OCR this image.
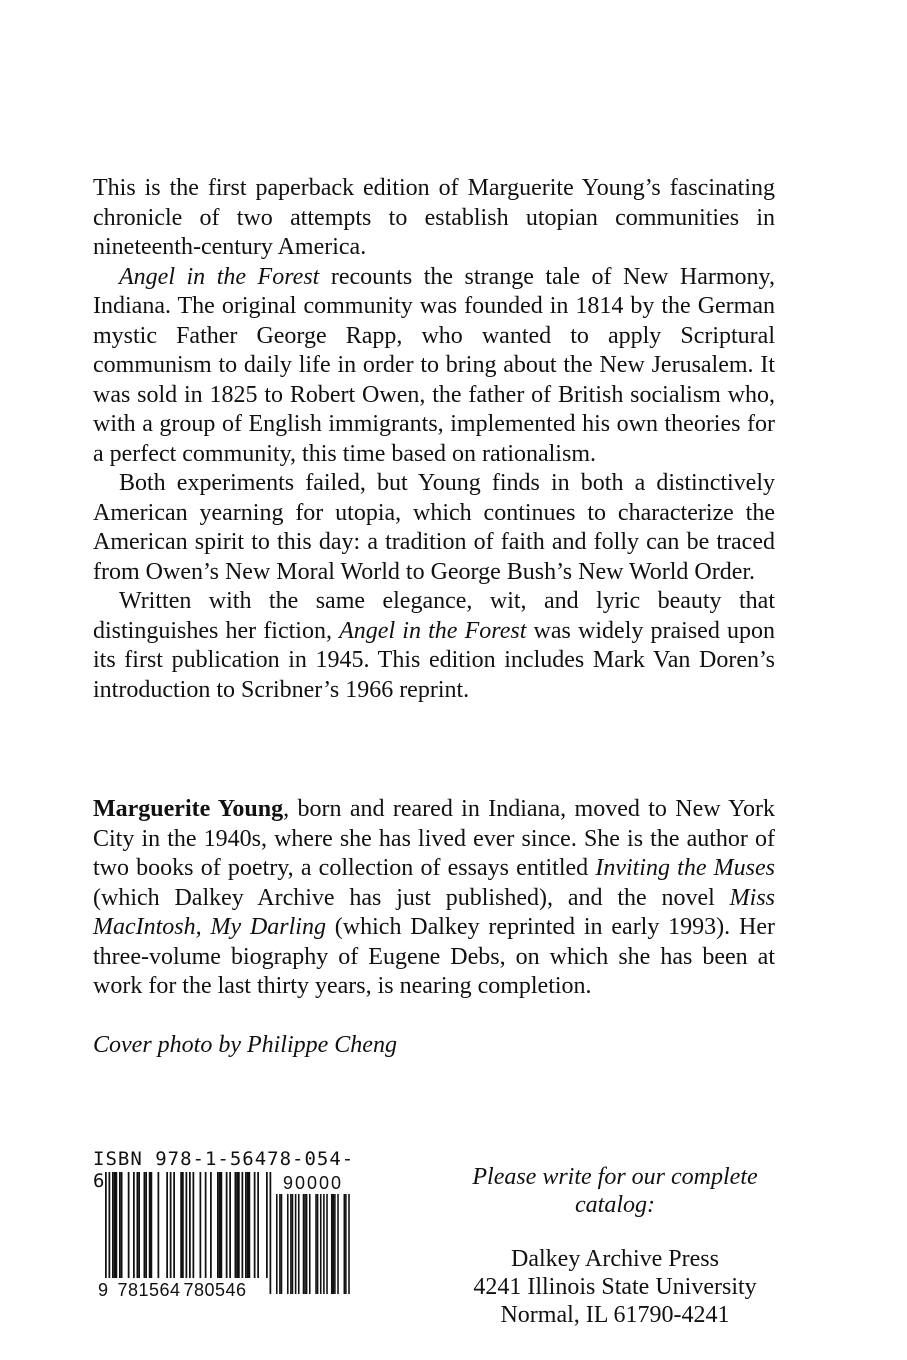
This is the first paperback edition of Marguerite Young’s fascinating chronicle of two attempts to establish utopian communities in nineteenth-century America.

Angel in the Forest recounts the strange tale of New Harmony, Indiana. The original community was founded in 1814 by the German mystic Father George Rapp, who wanted to apply Scriptural communism to daily life in order to bring about the New Jerusalem. It was sold in 1825 to Robert Owen, the father of British socialism who, with a group of English immigrants, implemented his own theories for a perfect community, this time based on rationalism.

Both experiments failed, but Young finds in both a distinctively American yearning for utopia, which continues to characterize the American spirit to this day: a tradition of faith and folly can be traced from Owen’s New Moral World to George Bush’s New World Order.

Written with the same elegance, wit, and lyric beauty that distinguishes her fiction, Angel in the Forest was widely praised upon its first publication in 1945. This edition includes Mark Van Doren’s introduction to Scribner’s 1966 reprint.

Marguerite Young, born and reared in Indiana, moved to New York City in the 1940s, where she has lived ever since. She is the author of two books of poetry, a collection of essays entitled Inviting the Muses (which Dalkey Archive has just published), and the novel Miss MacIntosh, My Darling (which Dalkey reprinted in early 1993). Her three-volume biography of Eugene Debs, on which she has been at work for the last thirty years, is nearing completion.

Cover photo by Philippe Cheng
ISBN 978-1-56478-054-6	90000
9 781564 780546
Please write for our complete catalog:
Dalkey Archive Press
4241 Illinois State University
Normal, IL 61790-4241
